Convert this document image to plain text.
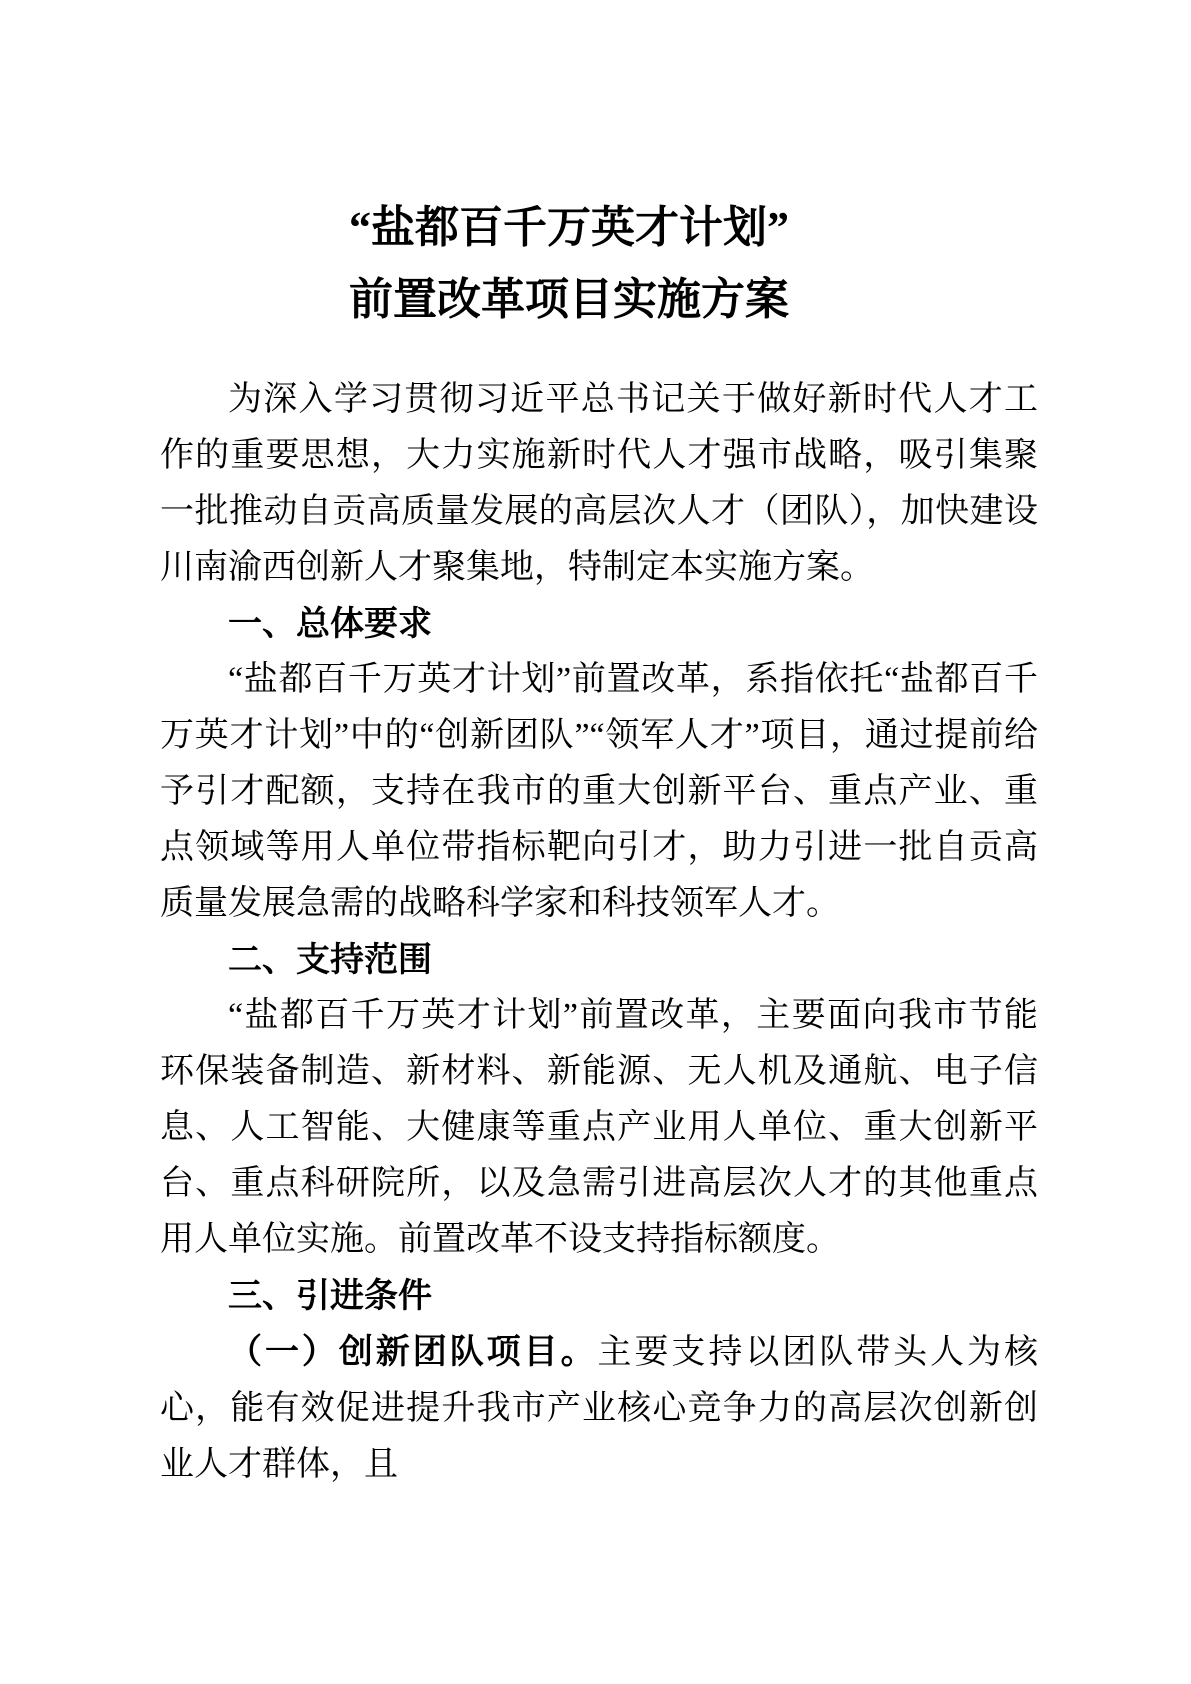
“盐都百千万英才计划”
前置改革项目实施方案

为深入学习贯彻习近平总书记关于做好新时代人才工作的重要思想，大力实施新时代人才强市战略，吸引集聚一批推动自贡高质量发展的高层次人才（团队），加快建设川南渝西创新人才聚集地，特制定本实施方案。

一、总体要求

“盐都百千万英才计划”前置改革，系指依托“盐都百千万英才计划”中的“创新团队”“领军人才”项目，通过提前给予引才配额，支持在我市的重大创新平台、重点产业、重点领域等用人单位带指标靶向引才，助力引进一批自贡高质量发展急需的战略科学家和科技领军人才。

二、支持范围

“盐都百千万英才计划”前置改革，主要面向我市节能环保装备制造、新材料、新能源、无人机及通航、电子信息、人工智能、大健康等重点产业用人单位、重大创新平台、重点科研院所，以及急需引进高层次人才的其他重点用人单位实施。前置改革不设支持指标额度。

三、引进条件

（一）创新团队项目。主要支持以团队带头人为核心，能有效促进提升我市产业核心竞争力的高层次创新创业人才群体，且
